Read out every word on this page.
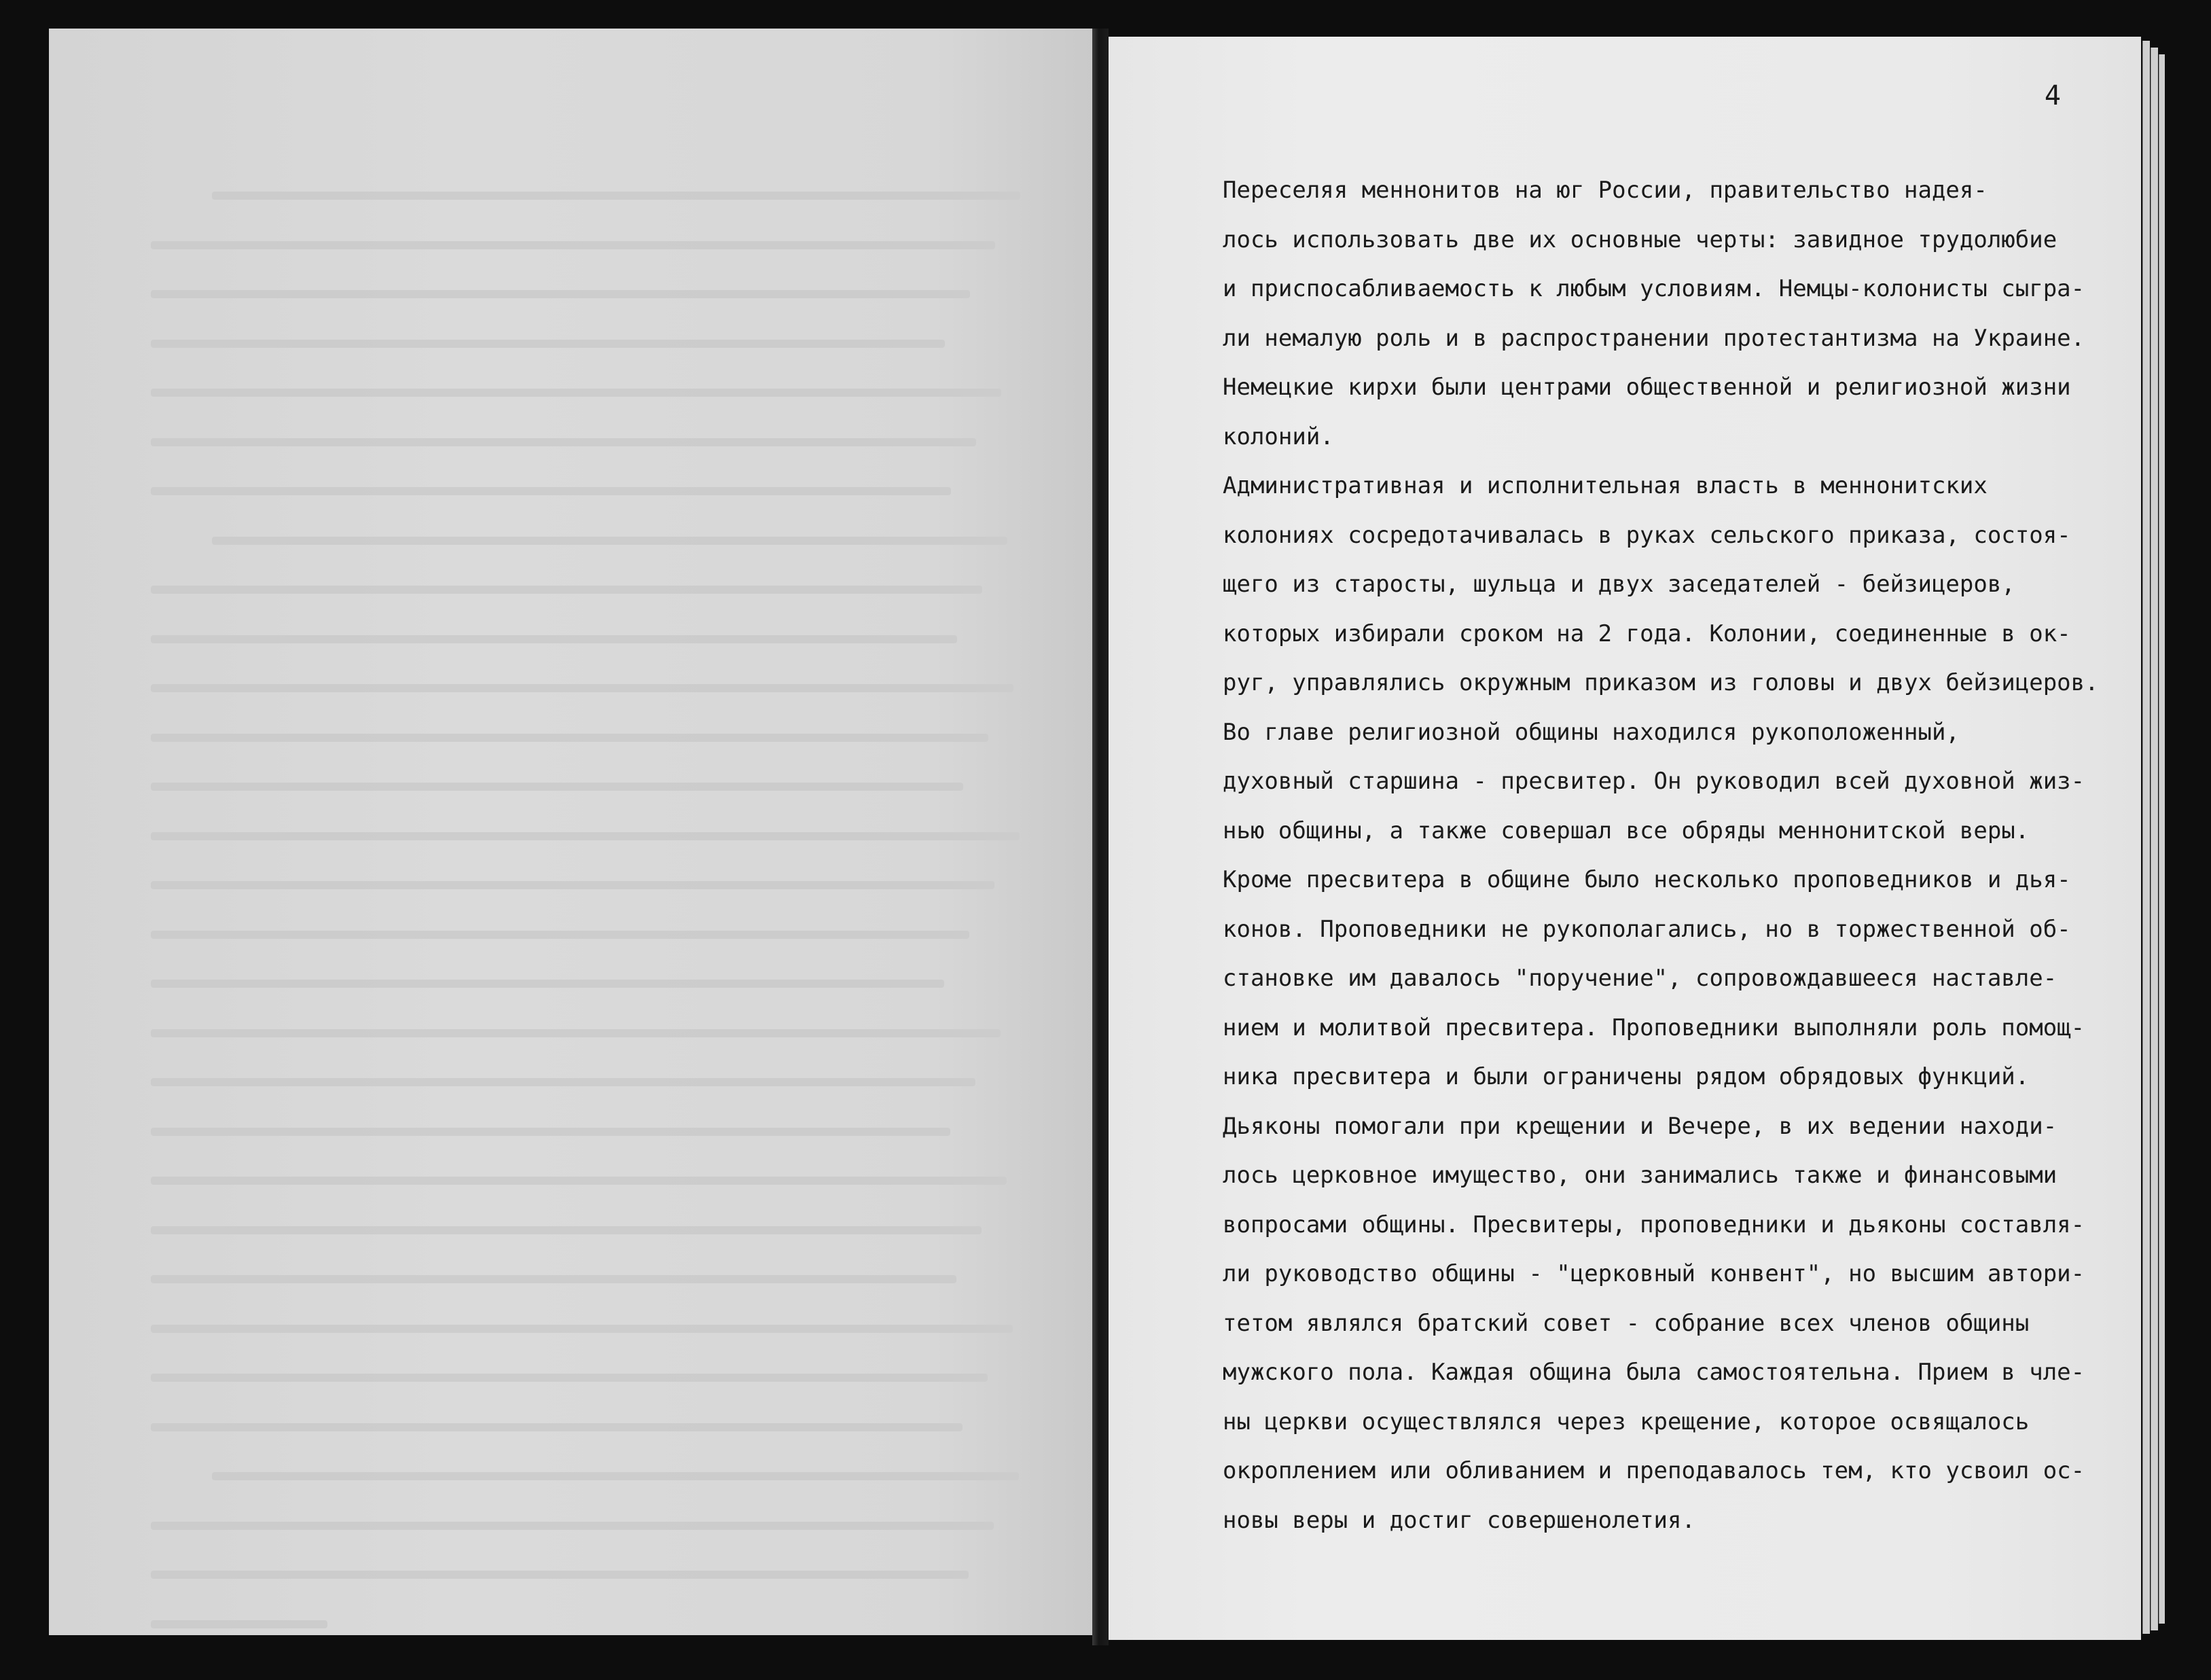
4
Переселяя меннонитов на юг России, правительство надея-
лось использовать две их основные черты: завидное трудолюбие
и приспосабливаемость к любым условиям. Немцы-колонисты сыгра-
ли немалую роль и в распространении протестантизма на Украине.
Немецкие кирхи были центрами общественной и религиозной жизни
колоний.
Административная и исполнительная власть в меннонитских
колониях сосредотачивалась в руках сельского приказа, состоя-
щего из старосты, шульца и двух заседателей - бейзицеров,
которых избирали сроком на 2 года. Колонии, соединенные в ок-
руг, управлялись окружным приказом из головы и двух бейзицеров.
Во главе религиозной общины находился рукоположенный,
духовный старшина - пресвитер. Он руководил всей духовной жиз-
нью общины, а также совершал все обряды меннонитской веры.
Кроме пресвитера в общине было несколько проповедников и дья-
конов. Проповедники не рукополагались, но в торжественной об-
становке им давалось "поручение", сопровождавшееся наставле-
нием и молитвой пресвитера. Проповедники выполняли роль помощ-
ника пресвитера и были ограничены рядом обрядовых функций.
Дьяконы помогали при крещении и Вечере, в их ведении находи-
лось церковное имущество, они занимались также и финансовыми
вопросами общины. Пресвитеры, проповедники и дьяконы составля-
ли руководство общины - "церковный конвент", но высшим автори-
тетом являлся братский совет - собрание всех членов общины
мужского пола. Каждая община была самостоятельна. Прием в чле-
ны церкви осуществлялся через крещение, которое освящалось
окроплением или обливанием и преподавалось тем, кто усвоил ос-
новы веры и достиг совершенолетия.
